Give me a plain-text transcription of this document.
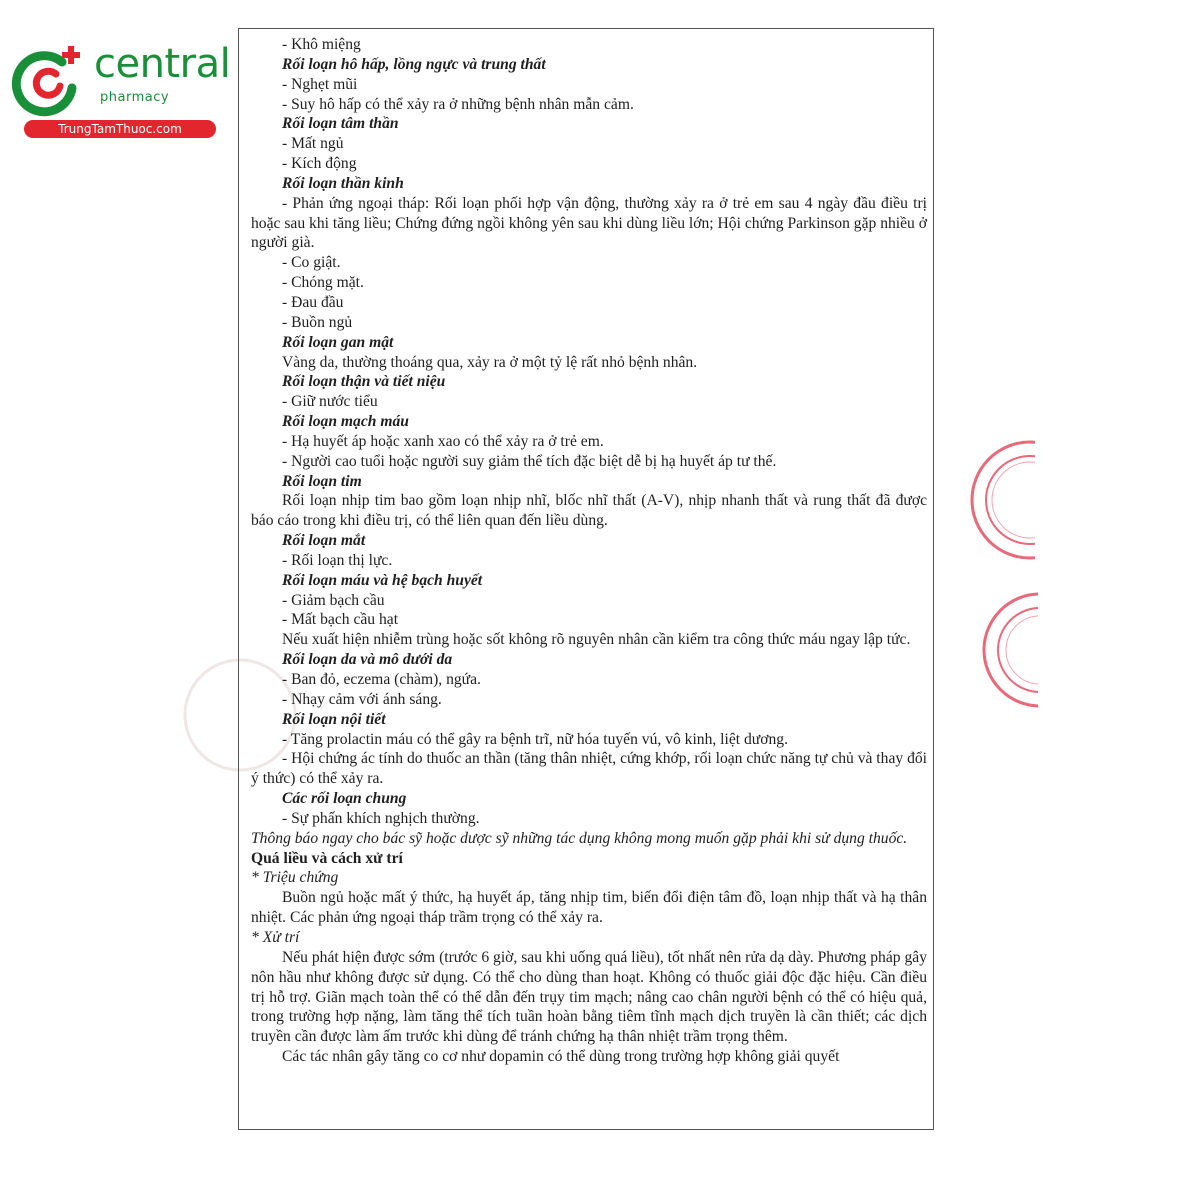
central
pharmacy
TrungTamThuoc.com

- Khô miệng

Rối loạn hô hấp, lồng ngực và trung thất

- Nghẹt mũi

- Suy hô hấp có thể xảy ra ở những bệnh nhân mẫn cảm.

Rối loạn tâm thần

- Mất ngủ

- Kích động

Rối loạn thần kinh

- Phản ứng ngoại tháp: Rối loạn phối hợp vận động, thường xảy ra ở trẻ em sau 4 ngày đầu điều trị hoặc sau khi tăng liều; Chứng đứng ngồi không yên sau khi dùng liều lớn; Hội chứng Parkinson gặp nhiều ở người già.

- Co giật.

- Chóng mặt.

- Đau đầu

- Buồn ngủ

Rối loạn gan mật

Vàng da, thường thoáng qua, xảy ra ở một tỷ lệ rất nhỏ bệnh nhân.

Rối loạn thận và tiết niệu

- Giữ nước tiểu

Rối loạn mạch máu

- Hạ huyết áp hoặc xanh xao có thể xảy ra ở trẻ em.

- Người cao tuổi hoặc người suy giảm thể tích đặc biệt dễ bị hạ huyết áp tư thế.

Rối loạn tim

Rối loạn nhịp tim bao gồm loạn nhịp nhĩ, blốc nhĩ thất (A-V), nhịp nhanh thất và rung thất đã được báo cáo trong khi điều trị, có thể liên quan đến liều dùng.

Rối loạn mắt

- Rối loạn thị lực.

Rối loạn máu và hệ bạch huyết

- Giảm bạch cầu

- Mất bạch cầu hạt

Nếu xuất hiện nhiễm trùng hoặc sốt không rõ nguyên nhân cần kiểm tra công thức máu ngay lập tức.

Rối loạn da và mô dưới da

- Ban đỏ, eczema (chàm), ngứa.

- Nhạy cảm với ánh sáng.

Rối loạn nội tiết

- Tăng prolactin máu có thể gây ra bệnh trĩ, nữ hóa tuyến vú, vô kinh, liệt dương.

- Hội chứng ác tính do thuốc an thần (tăng thân nhiệt, cứng khớp, rối loạn chức năng tự chủ và thay đổi ý thức) có thể xảy ra.

Các rối loạn chung

- Sự phấn khích nghịch thường.

Thông báo ngay cho bác sỹ hoặc dược sỹ những tác dụng không mong muốn gặp phải khi sử dụng thuốc.

Quá liều và cách xử trí

* Triệu chứng

Buồn ngủ hoặc mất ý thức, hạ huyết áp, tăng nhịp tim, biến đổi điện tâm đồ, loạn nhịp thất và hạ thân nhiệt. Các phản ứng ngoại tháp trầm trọng có thể xảy ra.

* Xử trí

Nếu phát hiện được sớm (trước 6 giờ, sau khi uống quá liều), tốt nhất nên rửa dạ dày. Phương pháp gây nôn hầu như không được sử dụng. Có thể cho dùng than hoạt. Không có thuốc giải độc đặc hiệu. Cần điều trị hỗ trợ. Giãn mạch toàn thể có thể dẫn đến trụy tim mạch; nâng cao chân người bệnh có thể có hiệu quả, trong trường hợp nặng, làm tăng thể tích tuần hoàn bằng tiêm tĩnh mạch dịch truyền là cần thiết; các dịch truyền cần được làm ấm trước khi dùng để tránh chứng hạ thân nhiệt trầm trọng thêm.

Các tác nhân gây tăng co cơ như dopamin có thể dùng trong trường hợp không giải quyết
